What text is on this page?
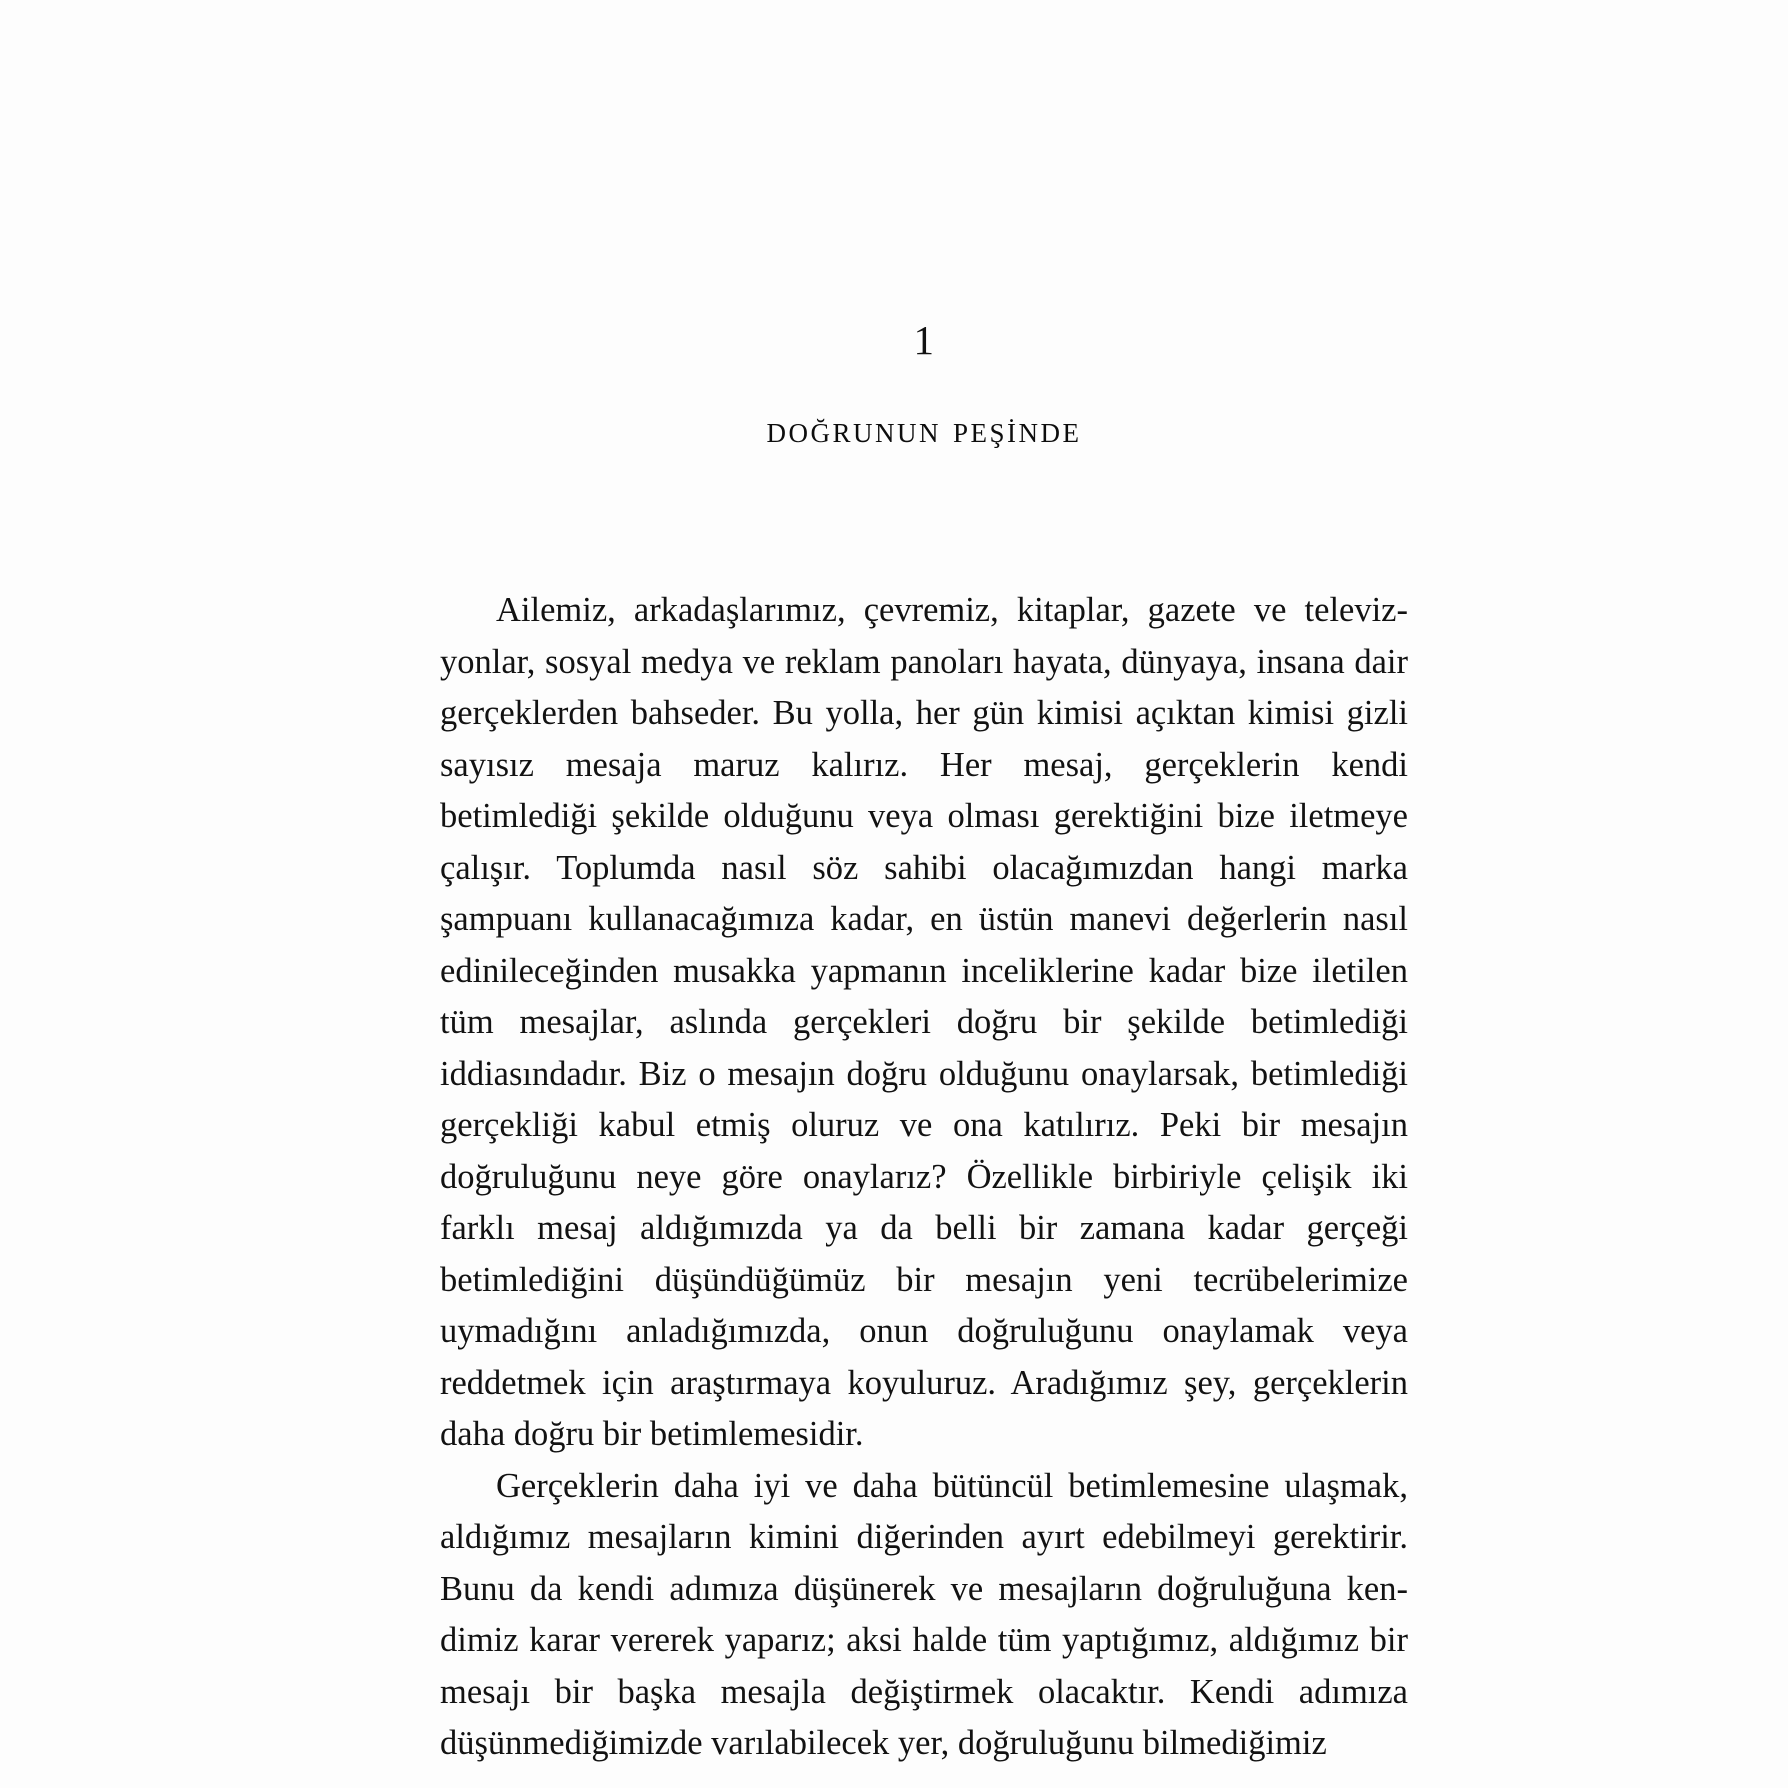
1
doğrunun peşinde

Ailemiz, arkadaşlarımız, çevremiz, kitaplar, gazete ve televizyonlar, sosyal medya ve reklam panoları hayata, dünyaya, insana dair gerçeklerden bahseder. Bu yolla, her gün kimisi açıktan kimisi gizli sayısız mesaja maruz kalırız. Her mesaj, gerçeklerin kendi betimlediği şekilde olduğunu veya olması gerektiğini bize iletmeye çalışır. Toplumda nasıl söz sahibi olacağımızdan hangi marka şampuanı kullanacağımıza kadar, en üstün manevi değerlerin nasıl edinileceğinden musakka yapmanın inceliklerine kadar bize iletilen tüm mesajlar, aslında gerçekleri doğru bir şekilde betimlediği iddiasındadır. Biz o mesajın doğru olduğunu onaylarsak, betimlediği gerçekliği kabul etmiş oluruz ve ona katılırız. Peki bir mesajın doğruluğunu neye göre onaylarız? Özellikle birbiriyle çelişik iki farklı mesaj aldığımızda ya da belli bir zamana kadar gerçeği betimlediğini düşündüğümüz bir mesajın yeni tecrübelerimize uymadığını anladığımızda, onun doğruluğunu onaylamak veya reddetmek için araştırmaya koyuluruz. Aradığımız şey, gerçeklerin daha doğru bir betimlemesidir.

Gerçeklerin daha iyi ve daha bütüncül betimlemesine ulaşmak, aldığımız mesajların kimini diğerinden ayırt edebilmeyi gerektirir. Bunu da kendi adımıza düşünerek ve mesajların doğruluğuna kendimiz karar vererek yaparız; aksi halde tüm yaptığımız, aldığımız bir mesajı bir başka mesajla değiştirmek olacaktır. Kendi adımıza düşünmediğimizde varılabilecek yer, doğruluğunu bilmediğimiz
